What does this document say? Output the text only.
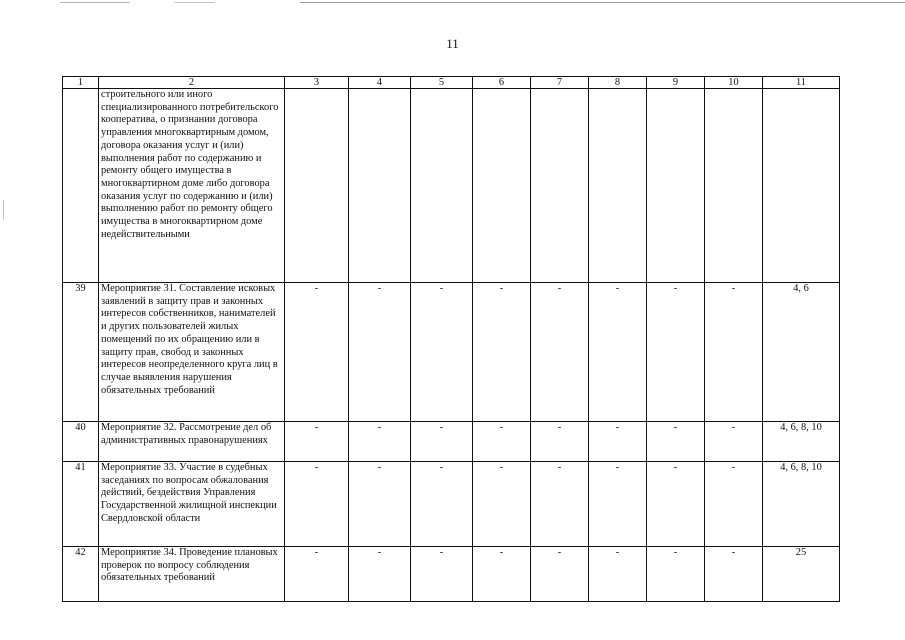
11
1	2	3	4	5	6	7	8	9	10	11
	строительного или иного специализированного потребительского кооператива, о признании договора управления многоквартирным домом, договора оказания услуг и (или) выполнения работ по содержанию и ремонту общего имущества в многоквартирном доме либо договора оказания услуг по содержанию и (или) выполнению работ по ремонту общего имущества в многоквартирном доме недействительными									
39	Мероприятие 31. Составление исковых заявлений в защиту прав и законных интересов собственников, нанимателей и других пользователей жилых помещений по их обращению или в защиту прав, свобод и законных интересов неопределенного круга лиц в случае выявления нарушения обязательных требований	-	-	-	-	-	-	-	-	4, 6
40	Мероприятие 32. Рассмотрение дел об административных правонарушениях	-	-	-	-	-	-	-	-	4, 6, 8, 10
41	Мероприятие 33. Участие в судебных заседаниях по вопросам обжалования действий, бездействия Управления Государственной жилищной инспекции Свердловской области	-	-	-	-	-	-	-	-	4, 6, 8, 10
42	Мероприятие 34. Проведение плановых проверок по вопросу соблюдения обязательных требований	-	-	-	-	-	-	-	-	25
